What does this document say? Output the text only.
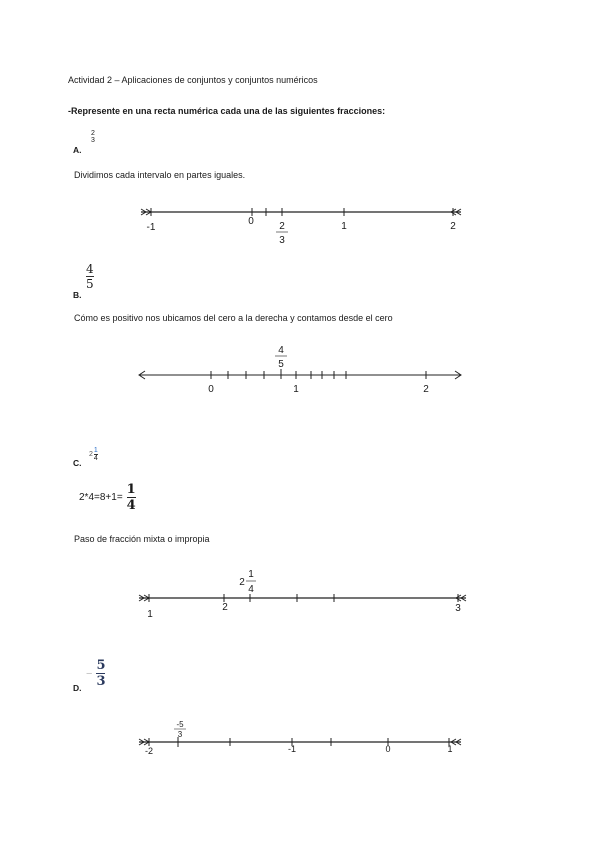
Actividad 2 – Aplicaciones de conjuntos y conjuntos numéricos
-Represente en una recta numérica cada una de las siguientes fracciones:
A.
2
3
Dividimos cada intervalo en partes iguales.
-1
0	1	2
2
3
$\frac{4}{5}$
B.
Cómo es positivo nos ubicamos del cero a la derecha y contamos desde el cero
0	1	2
4
5
C.
2
1
4
$2*4=8+1= \frac{1}{4}$
Paso de fracción mixta o impropia
1
2	3
2
1
4
− $\frac{5}{3}$
D.
-2	-1	0	1
-5
3
